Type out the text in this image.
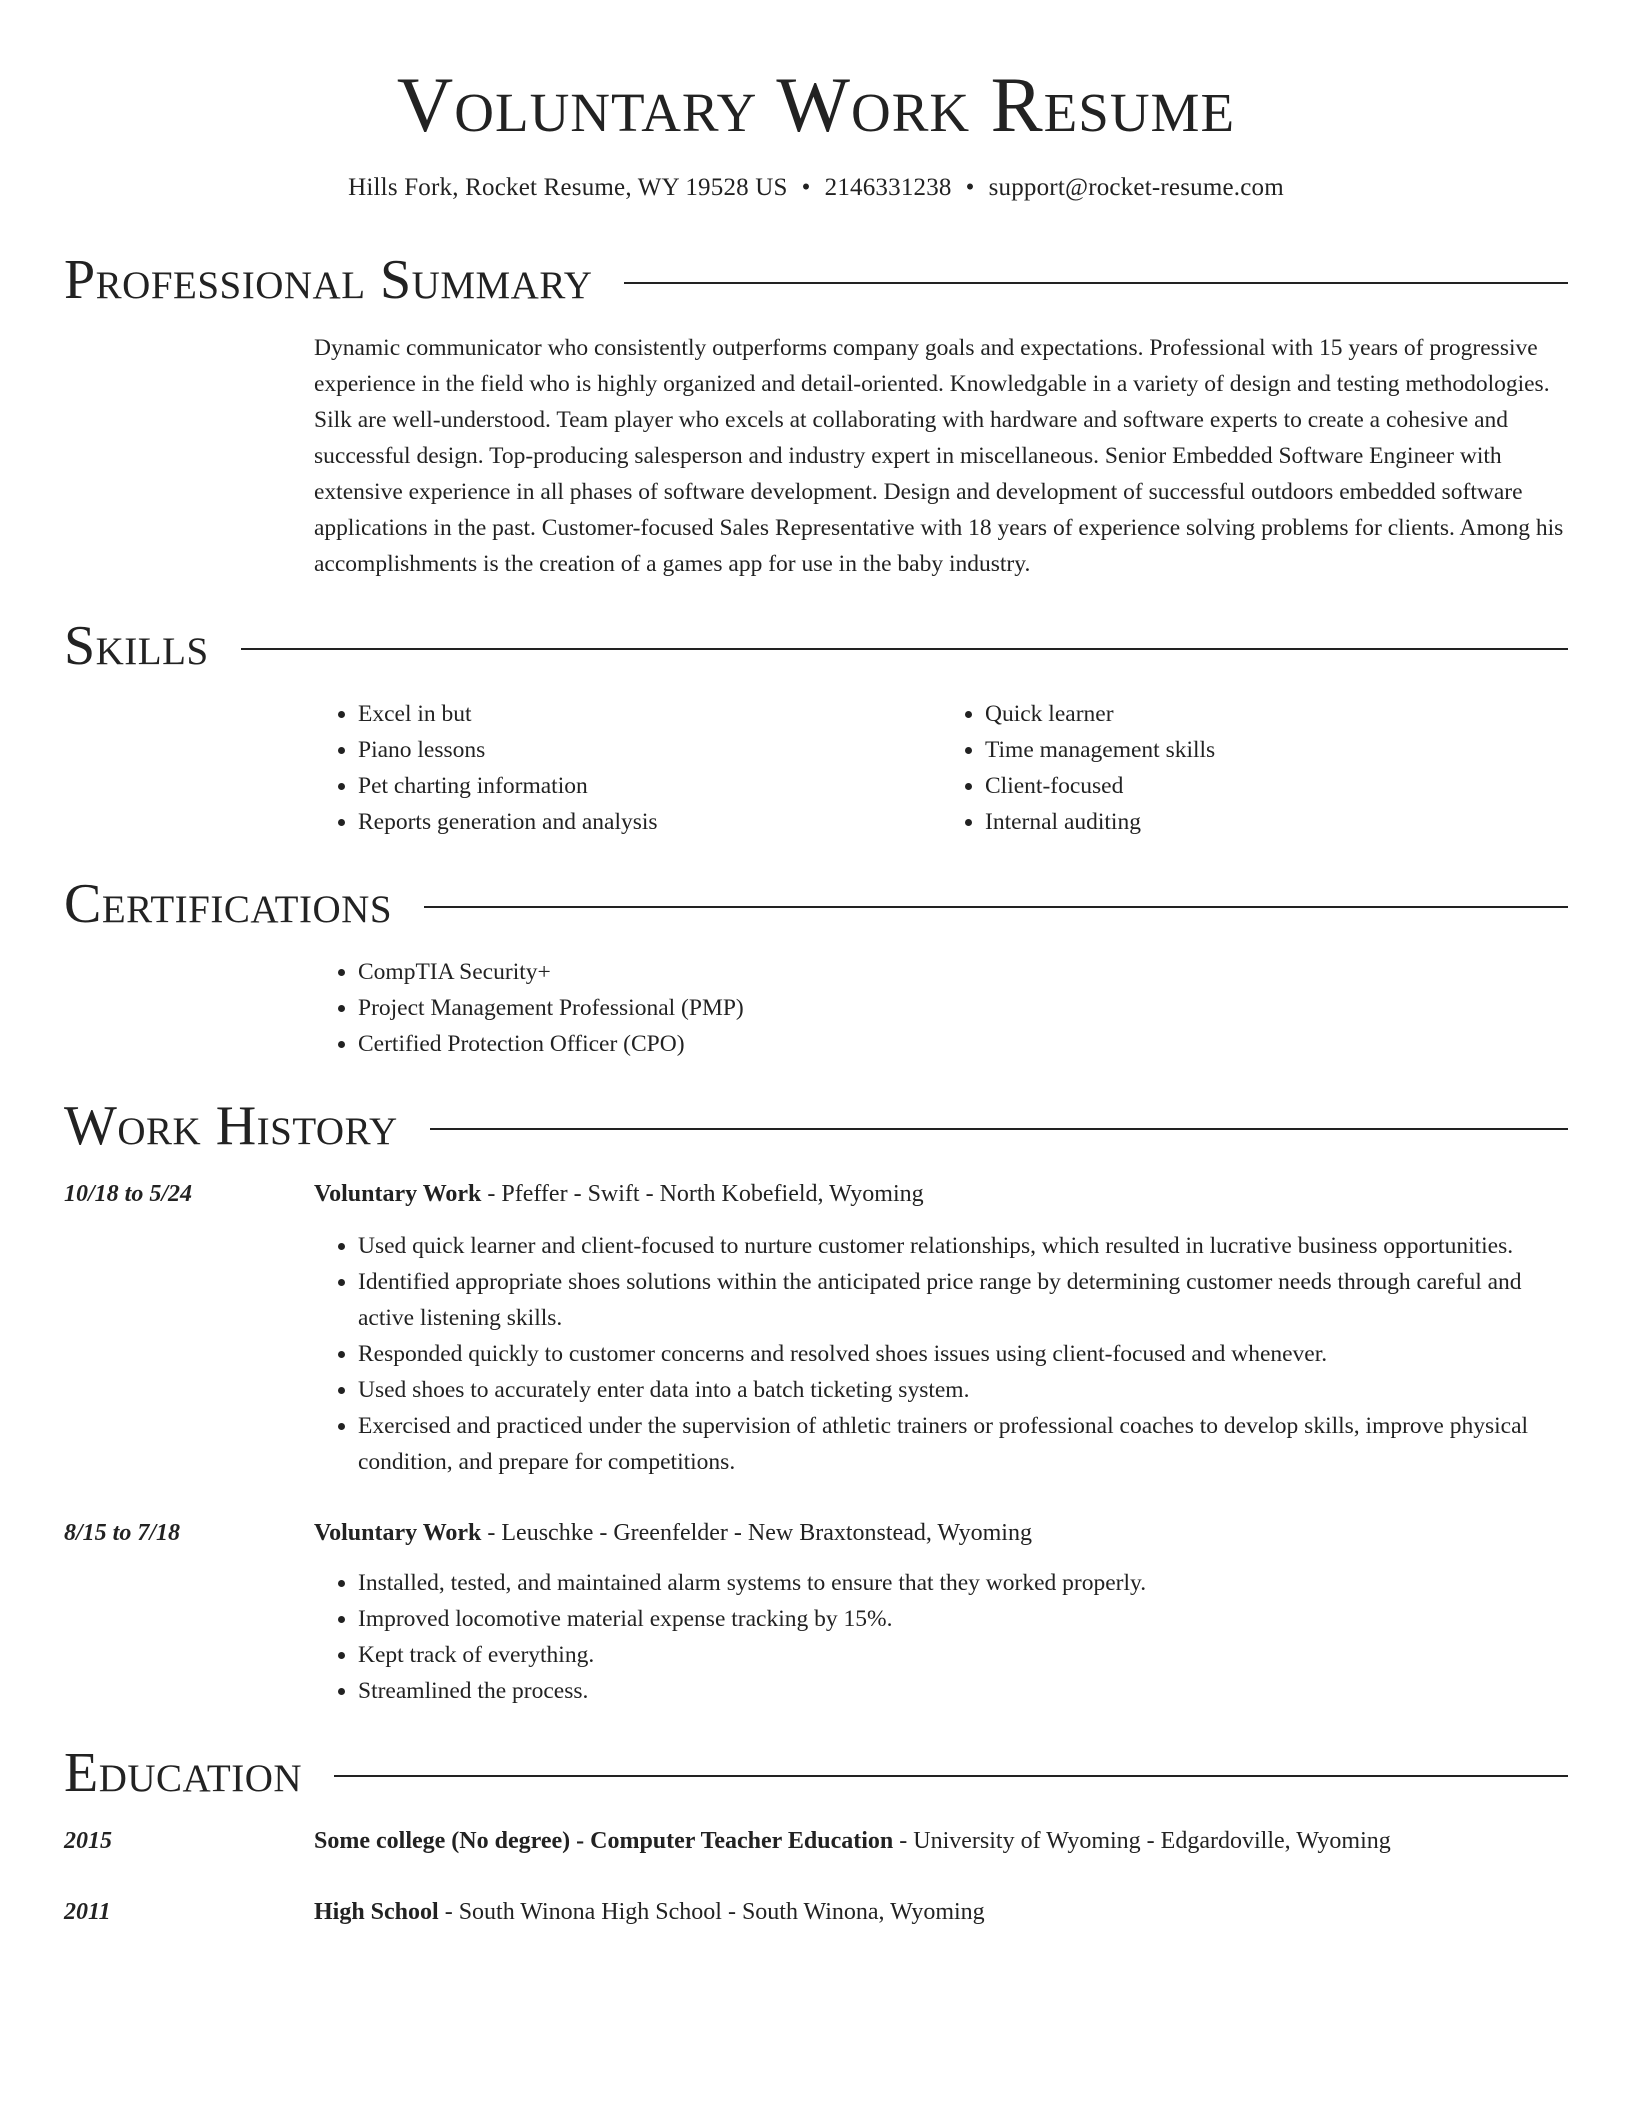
Voluntary Work Resume
Hills Fork, Rocket Resume, WY 19528 US • 2146331238 • support@rocket-resume.com
Professional Summary

Dynamic communicator who consistently outperforms company goals and expectations. Professional with 15 years of progressive experience in the field who is highly organized and detail-oriented. Knowledgable in a variety of design and testing methodologies. Silk are well-understood. Team player who excels at collaborating with hardware and software experts to create a cohesive and successful design. Top-producing salesperson and industry expert in miscellaneous. Senior Embedded Software Engineer with extensive experience in all phases of software development. Design and development of successful outdoors embedded software applications in the past. Customer-focused Sales Representative with 18 years of experience solving problems for clients. Among his accomplishments is the creation of a games app for use in the baby industry.

Skills
• Excel in but
• Piano lessons
• Pet charting information
• Reports generation and analysis
• Quick learner
• Time management skills
• Client-focused
• Internal auditing
Certifications
• CompTIA Security+
• Project Management Professional (PMP)
• Certified Protection Officer (CPO)
Work History
10/18 to 5/24	Voluntary Work - Pfeffer - Swift - North Kobefield, Wyoming
• Used quick learner and client-focused to nurture customer relationships, which resulted in lucrative business opportunities.
• Identified appropriate shoes solutions within the anticipated price range by determining customer needs through careful and active listening skills.
• Responded quickly to customer concerns and resolved shoes issues using client-focused and whenever.
• Used shoes to accurately enter data into a batch ticketing system.
• Exercised and practiced under the supervision of athletic trainers or professional coaches to develop skills, improve physical condition, and prepare for competitions.
8/15 to 7/18	Voluntary Work - Leuschke - Greenfelder - New Braxtonstead, Wyoming
• Installed, tested, and maintained alarm systems to ensure that they worked properly.
• Improved locomotive material expense tracking by 15%.
• Kept track of everything.
• Streamlined the process.
Education
2015	Some college (No degree) - Computer Teacher Education - University of Wyoming - Edgardoville, Wyoming
2011	High School - South Winona High School - South Winona, Wyoming
